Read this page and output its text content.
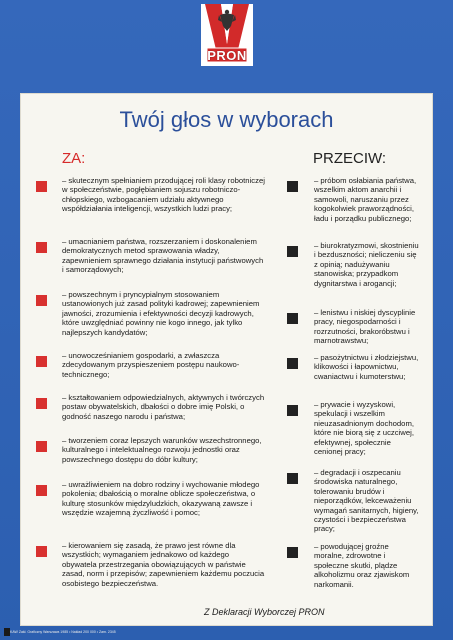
PRON
Twój głos w wyborach
ZA:	PRZECIW:
– skutecznym spełnianiem przodującej roli klasy robotniczej w społeczeństwie, pogłębianiem sojuszu robotniczo-chłopskiego, wzbogacaniem udziału aktywnego współdziałania inteligencji, wszystkich ludzi pracy;
– umacnianiem państwa, rozszerzaniem i doskonaleniem demokratycznych metod sprawowania władzy, zapewnieniem sprawnego działania instytucji państwowych i samorządowych;
– powszechnym i pryncypialnym stosowaniem ustanowionych już zasad polityki kadrowej; zapewnieniem jawności, zrozumienia i efektywności decyzji kadrowych, które uwzględniać powinny nie kogo innego, jak tylko najlepszych kandydatów;
– unowocześnianiem gospodarki, a zwłaszcza zdecydowanym przyspieszeniem postępu naukowo-technicznego;
– kształtowaniem odpowiedzialnych, aktywnych i twórczych postaw obywatelskich, dbałości o dobre imię Polski, o godność naszego narodu i państwa;
– tworzeniem coraz lepszych warunków wszechstronnego, kulturalnego i intelektualnego rozwoju jednostki oraz powszechnego dostępu do dóbr kultury;
– uwrażliwieniem na dobro rodziny i wychowanie młodego pokolenia; dbałością o moralne oblicze społeczeństwa, o kulturę stosunków międzyludzkich, okazywaną zawsze i wszędzie wzajemną życzliwość i pomoc;
– kierowaniem się zasadą, że prawo jest równe dla wszystkich; wymaganiem jednakowo od każdego obywatela przestrzegania obowiązujących w państwie zasad, norm i przepisów; zapewnieniem każdemu poczucia osobistego bezpieczeństwa.
– próbom osłabiania państwa, wszelkim aktom anarchii i samowoli, naruszaniu przez kogokolwiek praworządności, ładu i porządku publicznego;
– biurokratyzmowi, skostnieniu i bezduszności; nieliczeniu się z opinią; nadużywaniu stanowiska; przypadkom dygnitarstwa i arogancji;
– lenistwu i niskiej dyscyplinie pracy, niegospodarności i rozrzutności, brakoróbstwu i marnotrawstwu;
– pasożytnictwu i złodziejstwu, klikowości i łapownictwu, cwaniactwu i kumoterstwu;
– prywacie i wyzyskowi, spekulacji i wszelkim nieuzasadnionym dochodom, które nie biorą się z uczciwej, efektywnej, społecznie cenionej pracy;
– degradacji i oszpecaniu środowiska naturalnego, tolerowaniu brudów i nieporządków, lekceważeniu wymagań sanitarnych, higieny, czystości i bezpieczeństwa pracy;
– powodującej groźne moralne, zdrowotne i społeczne skutki, plądze alkoholizmu oraz zjawiskom narkomanii.
Z Deklaracji Wyborczej PRON
KAW Zakł. Graficzny Warszawa 1985 • Nakład 200 000 • Zam. 2345
